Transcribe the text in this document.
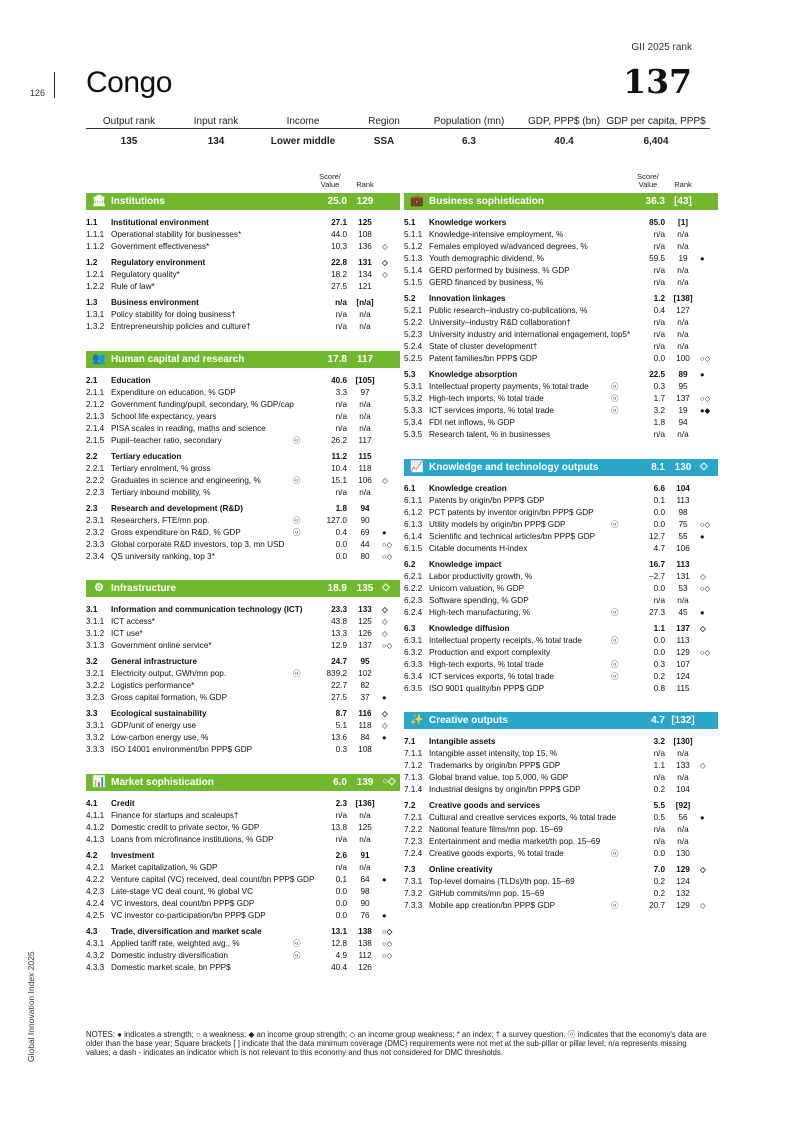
126 Congo
GII 2025 rank
137
Global Innovation Index 2025
Output rank
135
Input rank
134
Income
Lower middle
Region
SSA
Population (mn)
6.3
GDP, PPP$ (bn)
40.4
GDP per capita, PPP$
6,404
🏛 Institutions	25.0 129
1.1 Institutional environment	27.1	125
1.1.1 Operational stability for businesses*	44.0	108
1.1.2 Government effectiveness*	10.3	136	◇
1.2 Regulatory environment	22.8	131	◇
1.2.1 Regulatory quality*	18.2	134	◇
1.2.2 Rule of law*	27.5	121
1.3 Business environment	n/a	[n/a]
1.3.1 Policy stability for doing business†	n/a	n/a
1.3.2 Entrepreneurship policies and culture†	n/a	n/a
👥 Human capital and research	17.8 117
2.1 Education	40.6	[105]
2.1.1 Expenditure on education, % GDP	3.3	97
2.1.2 Government funding/pupil, secondary, % GDP/cap	n/a	n/a
2.1.3 School life expectancy, years	n/a	n/a
2.1.4 PISA scales in reading, maths and science	n/a	n/a
2.1.5 Pupil–teacher ratio, secondary	ⓞ	26.2	117
2.2 Tertiary education	11.2	115
2.2.1 Tertiary enrolment, % gross	10.4	118
2.2.2 Graduates in science and engineering, %	ⓞ	15.1	106	◇
2.2.3 Tertiary inbound mobility, %	n/a	n/a
2.3 Research and development (R&D)	1.8	94
2.3.1 Researchers, FTE/mn pop.	ⓞ	127.0	90
2.3.2 Gross expenditure on R&D, % GDP	ⓞ	0.4	69	●
2.3.3 Global corporate R&D investors, top 3, mn USD	0.0	44	○◇
2.3.4 QS university ranking, top 3*	0.0	80	○◇
⚙ Infrastructure	18.9 135 ◇
3.1 Information and communication technology (ICT)	23.3	133	◇
3.1.1 ICT access*	43.8	125	◇
3.1.2 ICT use*	13.3	126	◇
3.1.3 Government online service*	12.9	137	○◇
3.2 General infrastructure	24.7	95
3.2.1 Electricity output, GWh/mn pop.	ⓞ	839.2	102
3.2.2 Logistics performance*	22.7	82
3.2.3 Gross capital formation, % GDP	27.5	37	●
3.3 Ecological sustainability	8.7	116	◇
3.3.1 GDP/unit of energy use	5.1	118	◇
3.3.2 Low-carbon energy use, %	13.6	84	●
3.3.3 ISO 14001 environment/bn PPP$ GDP	0.3	108
📊 Market sophistication	6.0 139 ○◇
4.1 Credit	2.3	[136]
4.1.1 Finance for startups and scaleups†	n/a	n/a
4.1.2 Domestic credit to private sector, % GDP	13.8	125
4.1.3 Loans from microfinance institutions, % GDP	n/a	n/a
4.2 Investment	2.6	91
4.2.1 Market capitalization, % GDP	n/a	n/a
4.2.2 Venture capital (VC) received, deal count/bn PPP$ GDP	0.1	64	●
4.2.3 Late-stage VC deal count, % global VC	0.0	98
4.2.4 VC investors, deal count/bn PPP$ GDP	0.0	90
4.2.5 VC investor co-participation/bn PPP$ GDP	0.0	76	●
4.3 Trade, diversification and market scale	13.1	138	○◇
4.3.1 Applied tariff rate, weighted avg., %	ⓞ	12.8	138	○◇
4.3.2 Domestic industry diversification	ⓞ	4.9	112	○◇
4.3.3 Domestic market scale, bn PPP$	40.4	126
💼 Business sophistication	36.3 [43]
5.1 Knowledge workers	85.0	[1]
5.1.1 Knowledge-intensive employment, %	n/a	n/a
5.1.2 Females employed w/advanced degrees, %	n/a	n/a
5.1.3 Youth demographic dividend, %	59.5	19	●
5.1.4 GERD performed by business, % GDP	n/a	n/a
5.1.5 GERD financed by business, %	n/a	n/a
5.2 Innovation linkages	1.2	[138]
5.2.1 Public research–industry co-publications, %	0.4	127
5.2.2 University–industry R&D collaboration†	n/a	n/a
5.2.3 University industry and international engagement, top5*	n/a	n/a
5.2.4 State of cluster development†	n/a	n/a
5.2.5 Patent families/bn PPP$ GDP	0.0	100	○◇
5.3 Knowledge absorption	22.5	89	●
5.3.1 Intellectual property payments, % total trade	ⓞ	0.3	95
5.3.2 High-tech imports, % total trade	ⓞ	1.7	137	○◇
5.3.3 ICT services imports, % total trade	ⓞ	3.2	19	●◆
5.3.4 FDI net inflows, % GDP	1.8	94
5.3.5 Research talent, % in businesses	n/a	n/a
📈 Knowledge and technology outputs	8.1 130 ◇
6.1 Knowledge creation	6.6	104
6.1.1 Patents by origin/bn PPP$ GDP	0.1	113
6.1.2 PCT patents by inventor origin/bn PPP$ GDP	0.0	98
6.1.3 Utility models by origin/bn PPP$ GDP	ⓞ	0.0	75	○◇
6.1.4 Scientific and technical articles/bn PPP$ GDP	12.7	55	●
6.1.5 Citable documents H-index	4.7	106
6.2 Knowledge impact	16.7	113
6.2.1 Labor productivity growth, %	−2.7	131	◇
6.2.2 Unicorn valuation, % GDP	0.0	53	○◇
6.2.3 Software spending, % GDP	n/a	n/a
6.2.4 High-tech manufacturing, %	ⓞ	27.3	45	●
6.3 Knowledge diffusion	1.1	137	◇
6.3.1 Intellectual property receipts, % total trade	ⓞ	0.0	113
6.3.2 Production and export complexity	0.0	129	○◇
6.3.3 High-tech exports, % total trade	ⓞ	0.3	107
6.3.4 ICT services exports, % total trade	ⓞ	0.2	124
6.3.5 ISO 9001 quality/bn PPP$ GDP	0.8	115
✨ Creative outputs	4.7 [132]
7.1 Intangible assets	3.2	[130]
7.1.1 Intangible asset intensity, top 15, %	n/a	n/a
7.1.2 Trademarks by origin/bn PPP$ GDP	1.1	133	◇
7.1.3 Global brand value, top 5,000, % GDP	n/a	n/a
7.1.4 Industrial designs by origin/bn PPP$ GDP	0.2	104
7.2 Creative goods and services	5.5	[92]
7.2.1 Cultural and creative services exports, % total trade	0.5	56	●
7.2.2 National feature films/mn pop. 15–69	n/a	n/a
7.2.3 Entertainment and media market/th pop. 15–69	n/a	n/a
7.2.4 Creative goods exports, % total trade	ⓞ	0.0	130
7.3 Online creativity	7.0	129	◇
7.3.1 Top-level domains (TLDs)/th pop. 15–69	0.2	124
7.3.2 GitHub commits/mn pop. 15–69	0.2	132
7.3.3 Mobile app creation/bn PPP$ GDP	ⓞ	20.7	129	◇
NOTES: ● indicates a strength; ○ a weakness; ◆ an income group strength; ◇ an income group weakness; * an index; † a survey question. ⓞ indicates that the economy's data are older than the base year; Square brackets [ ] indicate that the data minimum coverage (DMC) requirements were not met at the sub-pillar or pillar level; n/a represents missing values; a dash - indicates an indicator which is not relevant to this economy and thus not considered for DMC thresholds.
Score/ Value	Rank
Score/ Value	Rank
